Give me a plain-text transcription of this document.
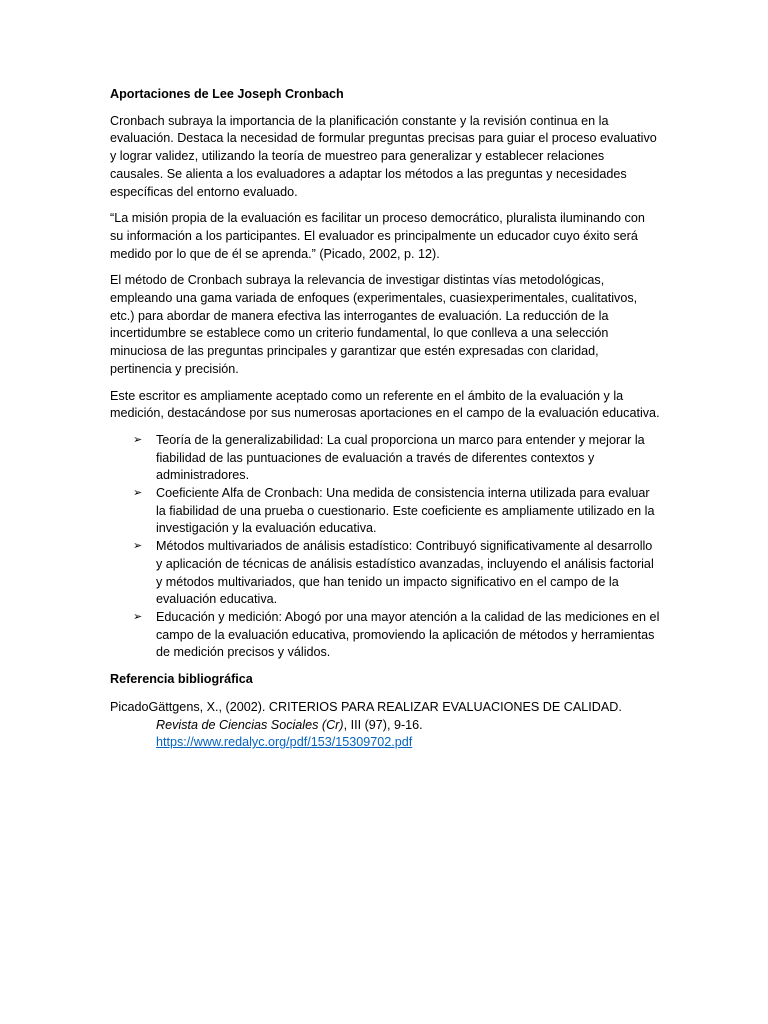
Aportaciones de Lee Joseph Cronbach

Cronbach subraya la importancia de la planificación constante y la revisión continua en la evaluación. Destaca la necesidad de formular preguntas precisas para guiar el proceso evaluativo y lograr validez, utilizando la teoría de muestreo para generalizar y establecer relaciones causales. Se alienta a los evaluadores a adaptar los métodos a las preguntas y necesidades específicas del entorno evaluado.

“La misión propia de la evaluación es facilitar un proceso democrático, pluralista iluminando con su información a los participantes. El evaluador es principalmente un educador cuyo éxito será medido por lo que de él se aprenda.” (Picado, 2002, p. 12).

El método de Cronbach subraya la relevancia de investigar distintas vías metodológicas, empleando una gama variada de enfoques (experimentales, cuasiexperimentales, cualitativos, etc.) para abordar de manera efectiva las interrogantes de evaluación. La reducción de la incertidumbre se establece como un criterio fundamental, lo que conlleva a una selección minuciosa de las preguntas principales y garantizar que estén expresadas con claridad, pertinencia y precisión.

Este escritor es ampliamente aceptado como un referente en el ámbito de la evaluación y la medición, destacándose por sus numerosas aportaciones en el campo de la evaluación educativa.

➢ Teoría de la generalizabilidad: La cual proporciona un marco para entender y mejorar la fiabilidad de las puntuaciones de evaluación a través de diferentes contextos y administradores.
➢ Coeficiente Alfa de Cronbach: Una medida de consistencia interna utilizada para evaluar la fiabilidad de una prueba o cuestionario. Este coeficiente es ampliamente utilizado en la investigación y la evaluación educativa.
➢ Métodos multivariados de análisis estadístico: Contribuyó significativamente al desarrollo y aplicación de técnicas de análisis estadístico avanzadas, incluyendo el análisis factorial y métodos multivariados, que han tenido un impacto significativo en el campo de la evaluación educativa.
➢ Educación y medición: Abogó por una mayor atención a la calidad de las mediciones en el campo de la evaluación educativa, promoviendo la aplicación de métodos y herramientas de medición precisos y válidos.

Referencia bibliográfica

PicadoGättgens, X., (2002). CRITERIOS PARA REALIZAR EVALUACIONES DE CALIDAD. Revista de Ciencias Sociales (Cr), III (97), 9-16. https://www.redalyc.org/pdf/153/15309702.pdf
